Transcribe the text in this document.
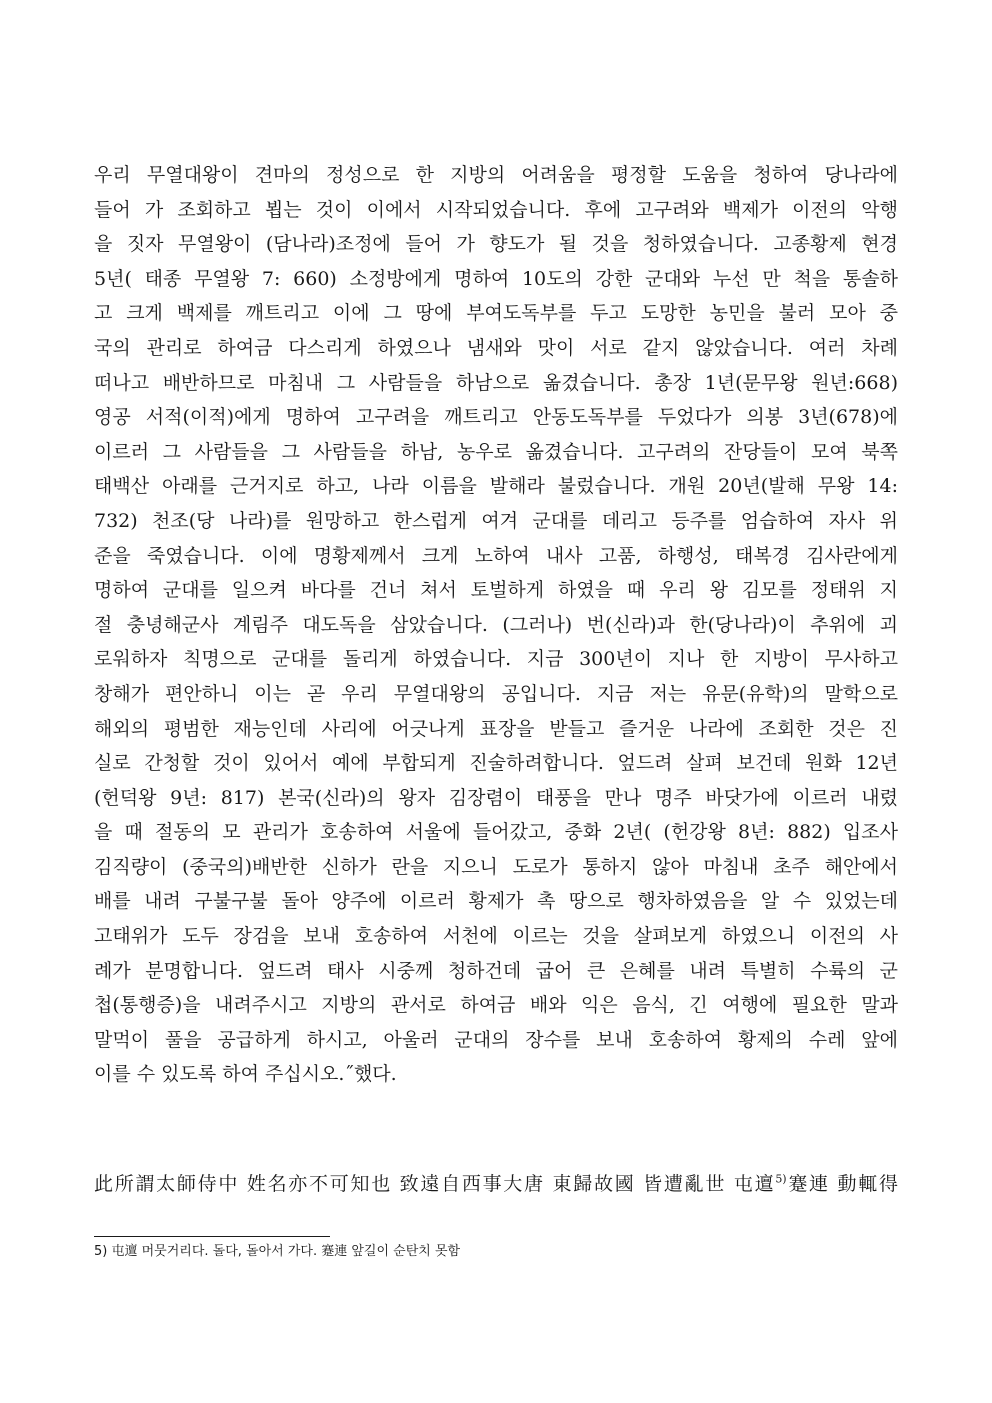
우리 무열대왕이 견마의 정성으로 한 지방의 어려움을 평정할 도움을 청하여 당나라에
들어 가 조회하고 뵙는 것이 이에서 시작되었습니다. 후에 고구려와 백제가 이전의 악행
을 짓자 무열왕이 (담나라)조정에 들어 가 향도가 될 것을 청하였습니다. 고종황제 현경
5년( 태종 무열왕 7: 660) 소정방에게 명하여 10도의 강한 군대와 누선 만 척을 통솔하
고 크게 백제를 깨트리고 이에 그 땅에 부여도독부를 두고 도망한 농민을 불러 모아 중
국의 관리로 하여금 다스리게 하였으나 냄새와 맛이 서로 같지 않았습니다. 여러 차례
떠나고 배반하므로 마침내 그 사람들을 하남으로 옮겼습니다. 총장 1년(문무왕 원년:668)
영공 서적(이적)에게 명하여 고구려을 깨트리고 안동도독부를 두었다가 의봉 3년(678)에
이르러 그 사람들을 그 사람들을 하남, 농우로 옮겼습니다. 고구려의 잔당들이 모여 북쪽
태백산 아래를 근거지로 하고, 나라 이름을 발해라 불렀습니다. 개원 20년(발해 무왕 14:
732) 천조(당 나라)를 원망하고 한스럽게 여겨 군대를 데리고 등주를 엄습하여 자사 위
준을 죽였습니다. 이에 명황제께서 크게 노하여 내사 고품, 하행성, 태복경 김사란에게
명하여 군대를 일으켜 바다를 건너 쳐서 토벌하게 하였을 때 우리 왕 김모를 정태위 지
절 충녕해군사 계림주 대도독을 삼았습니다. (그러나) 번(신라)과 한(당나라)이 추위에 괴
로워하자 칙명으로 군대를 돌리게 하였습니다. 지금 300년이 지나 한 지방이 무사하고
창해가 편안하니 이는 곧 우리 무열대왕의 공입니다. 지금 저는 유문(유학)의 말학으로
해외의 평범한 재능인데 사리에 어긋나게 표장을 받들고 즐거운 나라에 조회한 것은 진
실로 간청할 것이 있어서 예에 부합되게 진술하려합니다. 엎드려 살펴 보건데 원화 12년
(헌덕왕 9년: 817) 본국(신라)의 왕자 김장렴이 태풍을 만나 명주 바닷가에 이르러 내렸
을 때 절동의 모 관리가 호송하여 서울에 들어갔고, 중화 2년( (헌강왕 8년: 882) 입조사
김직량이 (중국의)배반한 신하가 란을 지으니 도로가 통하지 않아 마침내 초주 해안에서
배를 내려 구불구불 돌아 양주에 이르러 황제가 촉 땅으로 행차하였음을 알 수 있었는데
고태위가 도두 장검을 보내 호송하여 서천에 이르는 것을 살펴보게 하였으니 이전의 사
례가 분명합니다. 엎드려 태사 시중께 청하건데 굽어 큰 은혜를 내려 특별히 수륙의 군
첩(통행증)을 내려주시고 지방의 관서로 하여금 배와 익은 음식, 긴 여행에 필요한 말과
말먹이 풀을 공급하게 하시고, 아울러 군대의 장수를 보내 호송하여 황제의 수레 앞에
이를 수 있도록 하여 주십시오.˝했다.
此所謂太師侍中 姓名亦不可知也 致遠自西事大唐 東歸故國 皆遭亂世 屯邅$^{5)}$蹇連 動輒得
5) 屯邅 머뭇거리다. 돌다, 돌아서 가다. 蹇連 앞길이 순탄치 못함
